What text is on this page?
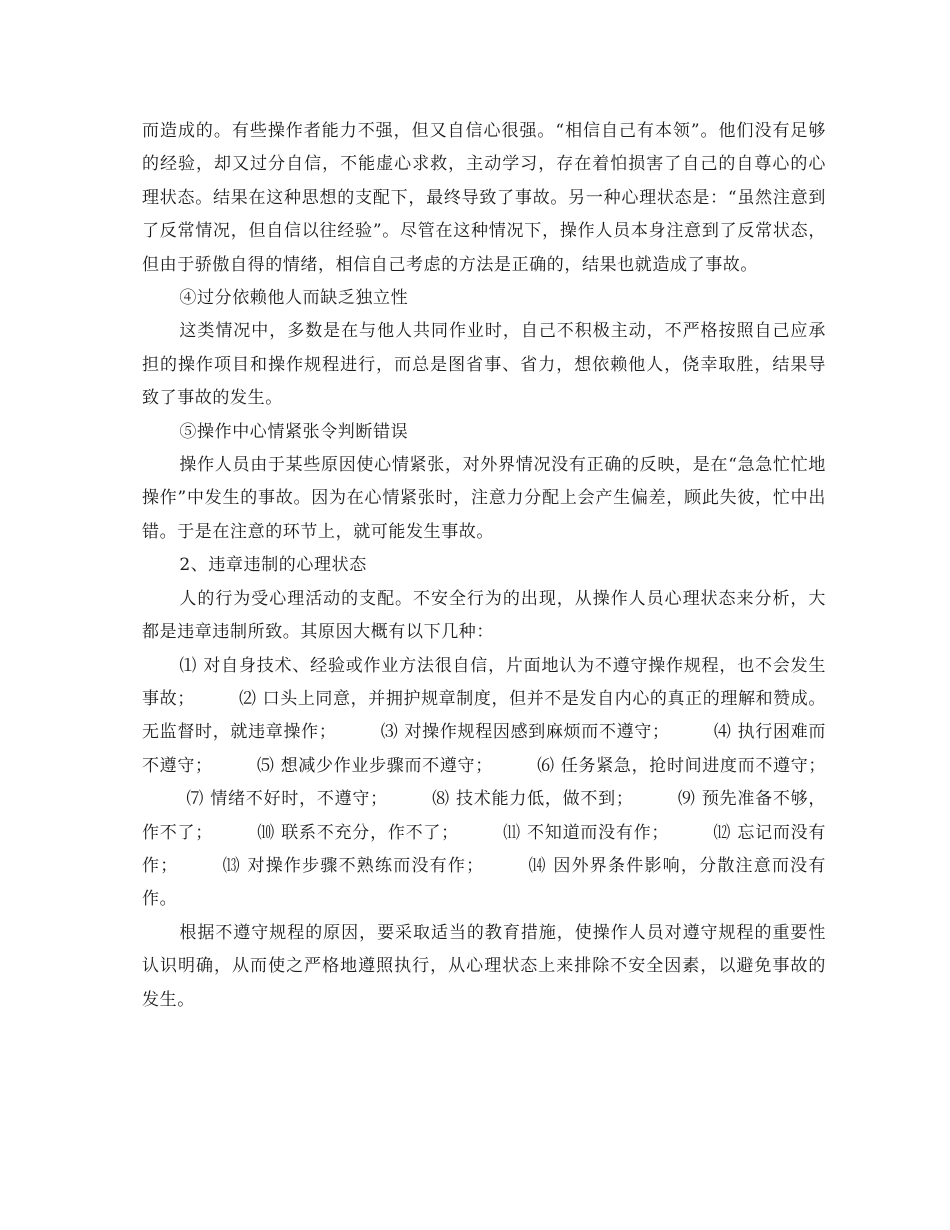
而造成的。有些操作者能力不强，但又自信心很强。“相信自己有本领”。他们没有足够的经验，却又过分自信，不能虚心求救，主动学习，存在着怕损害了自己的自尊心的心理状态。结果在这种思想的支配下，最终导致了事故。另一种心理状态是：“虽然注意到了反常情况，但自信以往经验”。尽管在这种情况下，操作人员本身注意到了反常状态，但由于骄傲自得的情绪，相信自己考虑的方法是正确的，结果也就造成了事故。

④过分依赖他人而缺乏独立性

这类情况中，多数是在与他人共同作业时，自己不积极主动，不严格按照自己应承担的操作项目和操作规程进行，而总是图省事、省力，想依赖他人，侥幸取胜，结果导致了事故的发生。

⑤操作中心情紧张令判断错误

操作人员由于某些原因使心情紧张，对外界情况没有正确的反映，是在“急急忙忙地操作”中发生的事故。因为在心情紧张时，注意力分配上会产生偏差，顾此失彼，忙中出错。于是在注意的环节上，就可能发生事故。

2、违章违制的心理状态

人的行为受心理活动的支配。不安全行为的出现，从操作人员心理状态来分析，大都是违章违制所致。其原因大概有以下几种：

⑴ 对自身技术、经验或作业方法很自信，片面地认为不遵守操作规程，也不会发生事故；	⑵ 口头上同意，并拥护规章制度，但并不是发自内心的真正的理解和赞成。无监督时，就违章操作；	⑶ 对操作规程因感到麻烦而不遵守；	⑷ 执行困难而不遵守；	⑸ 想减少作业步骤而不遵守；	⑹ 任务紧急，抢时间进度而不遵守；⑺ 情绪不好时，不遵守；	⑻ 技术能力低，做不到；	⑼ 预先准备不够，作不了；	⑽ 联系不充分，作不了；	⑾ 不知道而没有作；	⑿ 忘记而没有作；	⒀ 对操作步骤不熟练而没有作；	⒁ 因外界条件影响，分散注意而没有作。

根据不遵守规程的原因，要采取适当的教育措施，使操作人员对遵守规程的重要性认识明确，从而使之严格地遵照执行，从心理状态上来排除不安全因素，以避免事故的发生。
